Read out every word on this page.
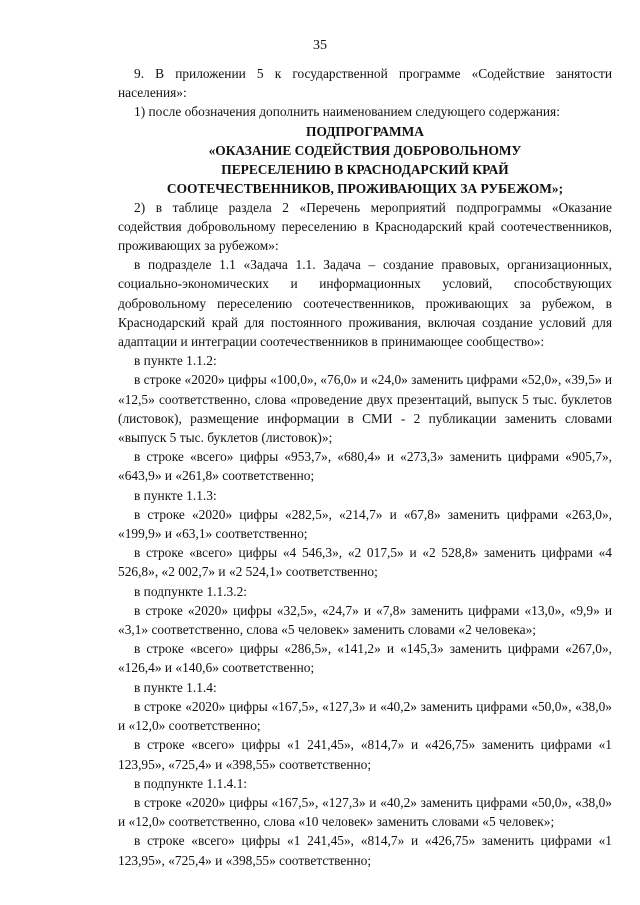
35

9. В приложении 5 к государственной программе «Содействие занятости населения»:

1) после обозначения дополнить наименованием следующего содержания:

ПОДПРОГРАММА

«ОКАЗАНИЕ СОДЕЙСТВИЯ ДОБРОВОЛЬНОМУ

ПЕРЕСЕЛЕНИЮ В КРАСНОДАРСКИЙ КРАЙ

СООТЕЧЕСТВЕННИКОВ, ПРОЖИВАЮЩИХ ЗА РУБЕЖОМ»;

2) в таблице раздела 2 «Перечень мероприятий подпрограммы «Оказание содействия добровольному переселению в Краснодарский край соотечественников, проживающих за рубежом»:

в подразделе 1.1 «Задача 1.1. Задача – создание правовых, организационных, социально-экономических и информационных условий, способствующих добровольному переселению соотечественников, проживающих за рубежом, в Краснодарский край для постоянного проживания, включая создание условий для адаптации и интеграции соотечественников в принимающее сообщество»:

в пункте 1.1.2:

в строке «2020» цифры «100,0», «76,0» и «24,0» заменить цифрами «52,0», «39,5» и «12,5» соответственно, слова «проведение двух презентаций, выпуск 5 тыс. буклетов (листовок), размещение информации в СМИ - 2 публикации заменить словами «выпуск 5 тыс. буклетов (листовок)»;

в строке «всего» цифры «953,7», «680,4» и «273,3» заменить цифрами «905,7», «643,9» и «261,8» соответственно;

в пункте 1.1.3:

в строке «2020» цифры «282,5», «214,7» и «67,8» заменить цифрами «263,0», «199,9» и «63,1» соответственно;

в строке «всего» цифры «4 546,3», «2 017,5» и «2 528,8» заменить цифрами «4 526,8», «2 002,7» и «2 524,1» соответственно;

в подпункте 1.1.3.2:

в строке «2020» цифры «32,5», «24,7» и «7,8» заменить цифрами «13,0», «9,9» и «3,1» соответственно, слова «5 человек» заменить словами «2 человека»;

в строке «всего» цифры «286,5», «141,2» и «145,3» заменить цифрами «267,0», «126,4» и «140,6» соответственно;

в пункте 1.1.4:

в строке «2020» цифры «167,5», «127,3» и «40,2» заменить цифрами «50,0», «38,0» и «12,0» соответственно;

в строке «всего» цифры «1 241,45», «814,7» и «426,75» заменить цифрами «1 123,95», «725,4» и «398,55» соответственно;

в подпункте 1.1.4.1:

в строке «2020» цифры «167,5», «127,3» и «40,2» заменить цифрами «50,0», «38,0» и «12,0» соответственно, слова «10 человек» заменить словами «5 человек»;

в строке «всего» цифры «1 241,45», «814,7» и «426,75» заменить цифрами «1 123,95», «725,4» и «398,55» соответственно;
